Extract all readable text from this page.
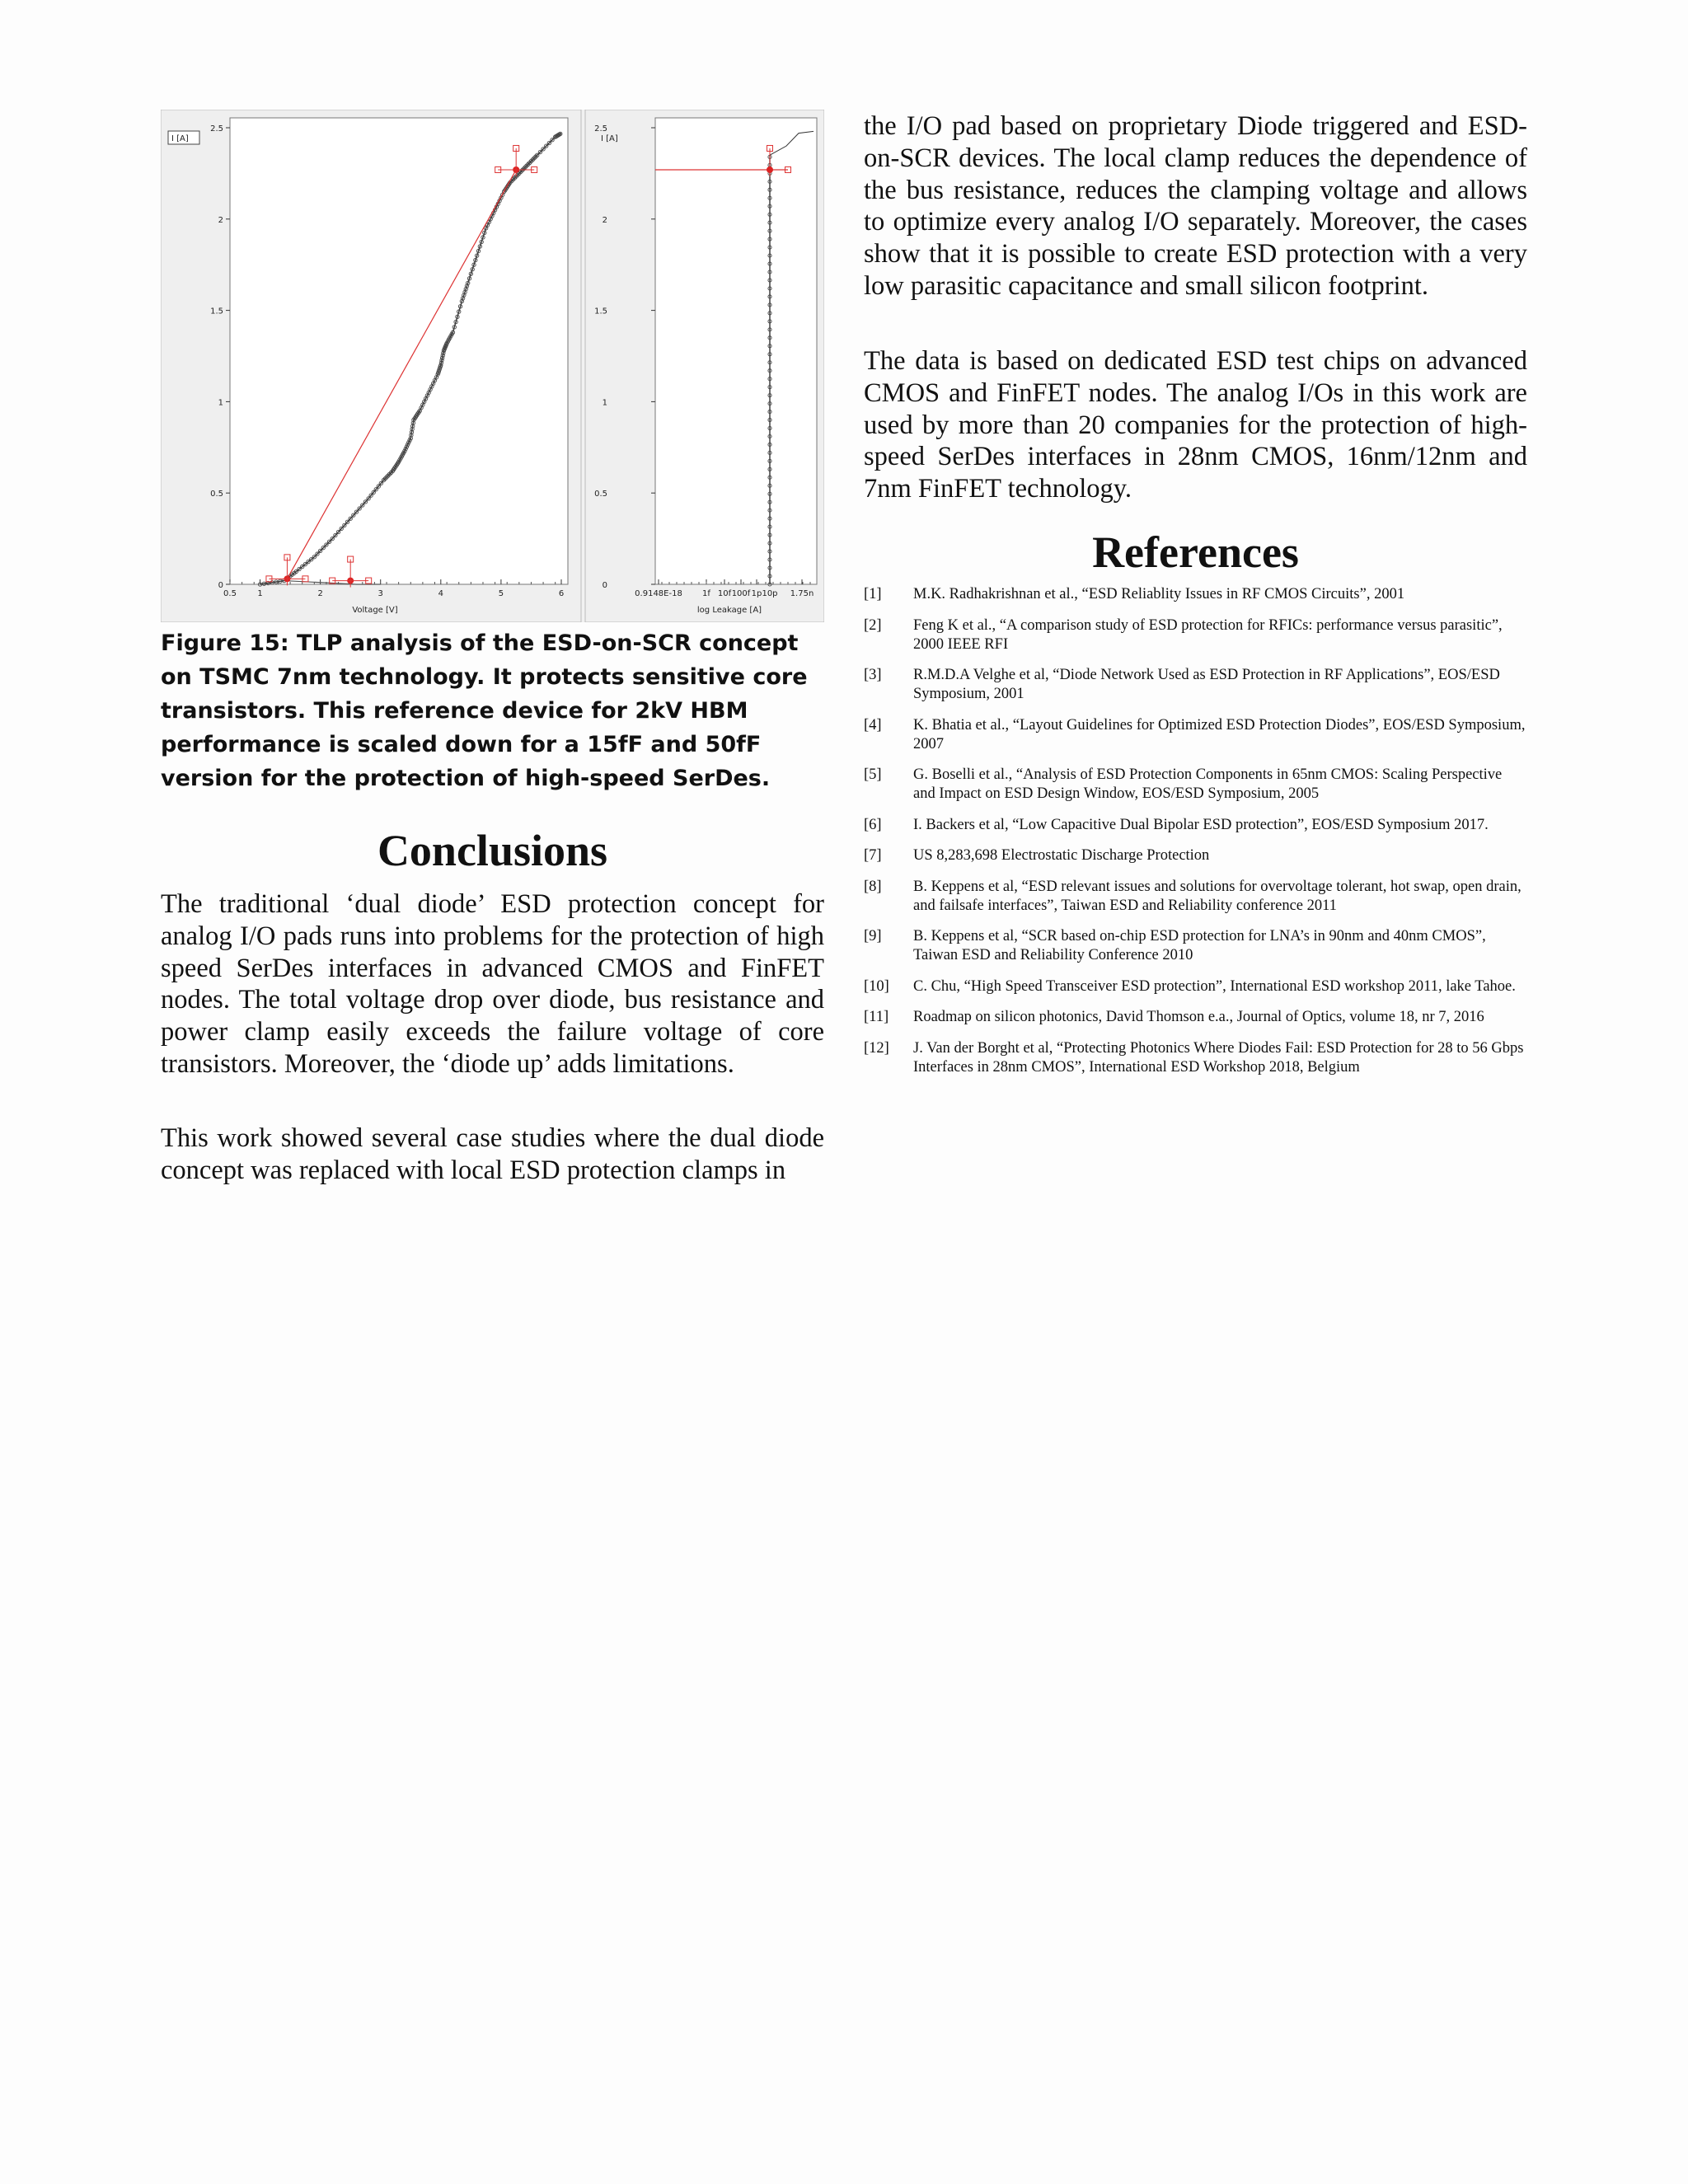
0
0.5
1
1.5
2
2.5
0.5	1	2	3	4	5	6
0
0.5
1
1.5
2
2.5
0.9148E-18 1f 10f 100f 1p 10p 1.75n
I [A]
Voltage [V]
I [A]
log Leakage [A]
Figure 15: TLP analysis of the ESD-on-SCR concept on TSMC 7nm technology. It protects sensitive core transistors. This reference device for 2kV HBM performance is scaled down for a 15fF and 50fF version for the protection of high-speed SerDes.
Conclusions

The traditional ‘dual diode’ ESD protection concept for analog I/O pads runs into problems for the protection of high speed SerDes interfaces in advanced CMOS and FinFET nodes. The total voltage drop over diode, bus resistance and power clamp easily exceeds the failure voltage of core transistors. Moreover, the ‘diode up’ adds limitations.

This work showed several case studies where the dual diode concept was replaced with local ESD protection clamps in

the I/O pad based on proprietary Diode triggered and ESD-on-SCR devices. The local clamp reduces the dependence of the bus resistance, reduces the clamping voltage and allows to optimize every analog I/O separately. Moreover, the cases show that it is possible to create ESD protection with a very low parasitic capacitance and small silicon footprint.

The data is based on dedicated ESD test chips on advanced CMOS and FinFET nodes. The analog I/Os in this work are used by more than 20 companies for the protection of high-speed SerDes interfaces in 28nm CMOS, 16nm/12nm and 7nm FinFET technology.

References
[1]	M.K. Radhakrishnan et al., “ESD Reliablity Issues in RF CMOS Circuits”, 2001
[2]	Feng K et al., “A comparison study of ESD protection for RFICs: performance versus parasitic”, 2000 IEEE RFI
[3]	R.M.D.A Velghe et al, “Diode Network Used as ESD Protection in RF Applications”, EOS/ESD Symposium, 2001
[4]	K. Bhatia et al., “Layout Guidelines for Optimized ESD Protection Diodes”, EOS/ESD Symposium, 2007
[5]	G. Boselli et al., “Analysis of ESD Protection Components in 65nm CMOS: Scaling Perspective and Impact on ESD Design Window, EOS/ESD Symposium, 2005
[6]	I. Backers et al, “Low Capacitive Dual Bipolar ESD protection”, EOS/ESD Symposium 2017.
[7]	US 8,283,698 Electrostatic Discharge Protection
[8]	B. Keppens et al, “ESD relevant issues and solutions for overvoltage tolerant, hot swap, open drain, and failsafe interfaces”, Taiwan ESD and Reliability conference 2011
[9]	B. Keppens et al, “SCR based on-chip ESD protection for LNA’s in 90nm and 40nm CMOS”, Taiwan ESD and Reliability Conference 2010
[10]	C. Chu, “High Speed Transceiver ESD protection”, International ESD workshop 2011, lake Tahoe.
[11]	Roadmap on silicon photonics, David Thomson e.a., Journal of Optics, volume 18, nr 7, 2016
[12]	J. Van der Borght et al, “Protecting Photonics Where Diodes Fail: ESD Protection for 28 to 56 Gbps Interfaces in 28nm CMOS”, International ESD Workshop 2018, Belgium
